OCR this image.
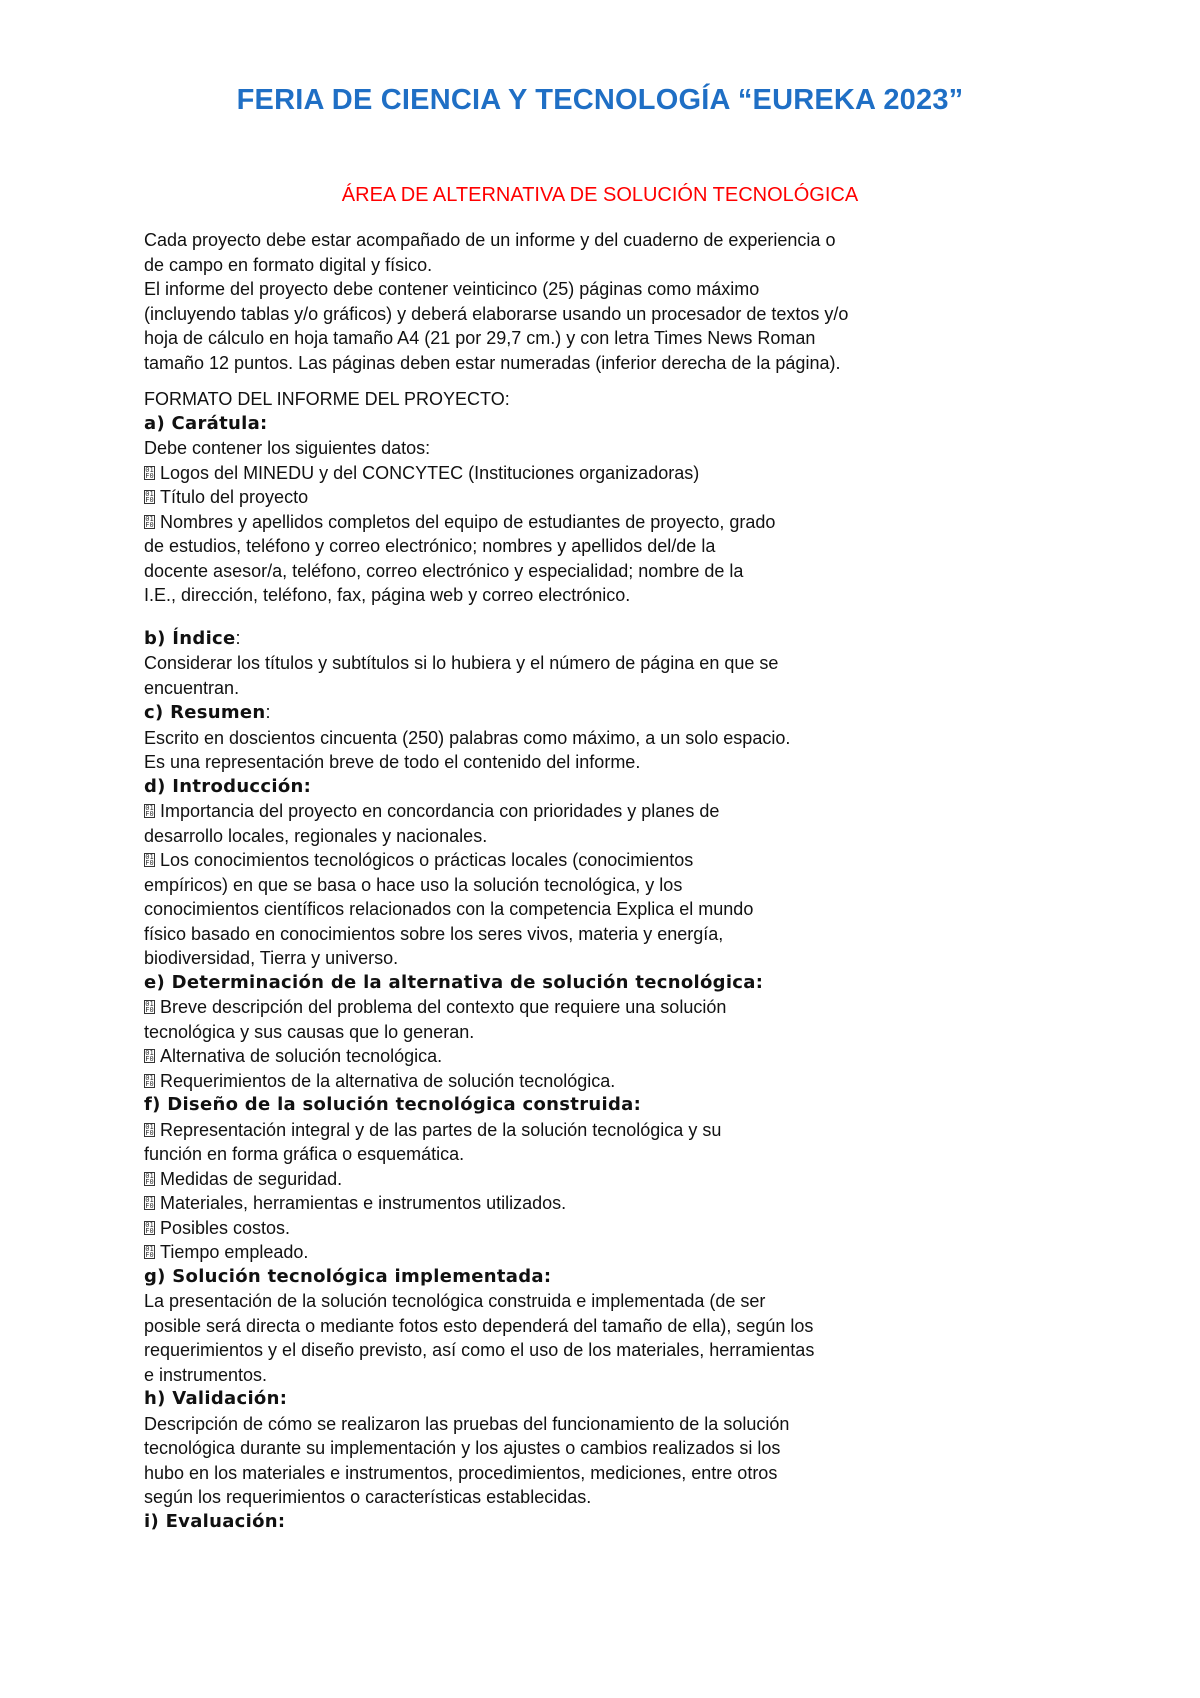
FERIA DE CIENCIA Y TECNOLOGÍA “EUREKA 2023”
ÁREA DE ALTERNATIVA DE SOLUCIÓN TECNOLÓGICA

Cada proyecto debe estar acompañado de un informe y del cuaderno de experiencia o

de campo en formato digital y físico.

El informe del proyecto debe contener veinticinco (25) páginas como máximo

(incluyendo tablas y/o gráficos) y deberá elaborarse usando un procesador de textos y/o

hoja de cálculo en hoja tamaño A4 (21 por 29,7 cm.) y con letra Times News Roman

tamaño 12 puntos. Las páginas deben estar numeradas (inferior derecha de la página).

FORMATO DEL INFORME DEL PROYECTO:

a) Carátula:

Debe contener los siguientes datos:

01
F0 Logos del MINEDU y del CONCYTEC (Instituciones organizadoras)

01
F0 Título del proyecto

01
F0 Nombres y apellidos completos del equipo de estudiantes de proyecto, grado

de estudios, teléfono y correo electrónico; nombres y apellidos del/de la

docente asesor/a, teléfono, correo electrónico y especialidad; nombre de la

I.E., dirección, teléfono, fax, página web y correo electrónico.

b) Índice:

Considerar los títulos y subtítulos si lo hubiera y el número de página en que se

encuentran.

c) Resumen:

Escrito en doscientos cincuenta (250) palabras como máximo, a un solo espacio.

Es una representación breve de todo el contenido del informe.

d) Introducción:

01
F0 Importancia del proyecto en concordancia con prioridades y planes de

desarrollo locales, regionales y nacionales.

01
F0 Los conocimientos tecnológicos o prácticas locales (conocimientos

empíricos) en que se basa o hace uso la solución tecnológica, y los

conocimientos científicos relacionados con la competencia Explica el mundo

físico basado en conocimientos sobre los seres vivos, materia y energía,

biodiversidad, Tierra y universo.

e) Determinación de la alternativa de solución tecnológica:

01
F0 Breve descripción del problema del contexto que requiere una solución

tecnológica y sus causas que lo generan.

01
F0 Alternativa de solución tecnológica.

01
F0 Requerimientos de la alternativa de solución tecnológica.

f) Diseño de la solución tecnológica construida:

01
F0 Representación integral y de las partes de la solución tecnológica y su

función en forma gráfica o esquemática.

01
F0 Medidas de seguridad.

01
F0 Materiales, herramientas e instrumentos utilizados.

01
F0 Posibles costos.

01
F0 Tiempo empleado.

g) Solución tecnológica implementada:

La presentación de la solución tecnológica construida e implementada (de ser

posible será directa o mediante fotos esto dependerá del tamaño de ella), según los

requerimientos y el diseño previsto, así como el uso de los materiales, herramientas

e instrumentos.

h) Validación:

Descripción de cómo se realizaron las pruebas del funcionamiento de la solución

tecnológica durante su implementación y los ajustes o cambios realizados si los

hubo en los materiales e instrumentos, procedimientos, mediciones, entre otros

según los requerimientos o características establecidas.

i) Evaluación:
